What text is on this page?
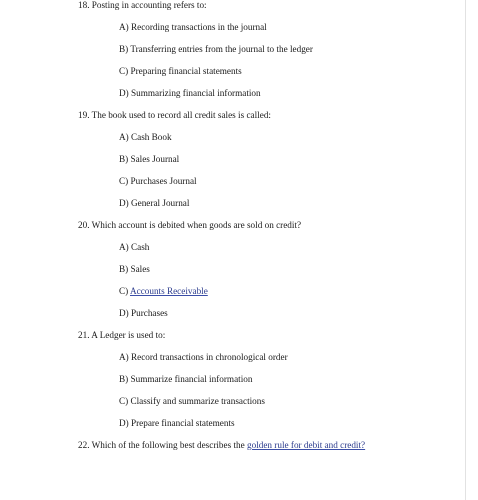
18. Posting in accounting refers to:
A) Recording transactions in the journal
B) Transferring entries from the journal to the ledger
C) Preparing financial statements
D) Summarizing financial information
19. The book used to record all credit sales is called:
A) Cash Book
B) Sales Journal
C) Purchases Journal
D) General Journal
20. Which account is debited when goods are sold on credit?
A) Cash
B) Sales
C) Accounts Receivable
D) Purchases
21. A Ledger is used to:
A) Record transactions in chronological order
B) Summarize financial information
C) Classify and summarize transactions
D) Prepare financial statements
22. Which of the following best describes the golden rule for debit and credit?
